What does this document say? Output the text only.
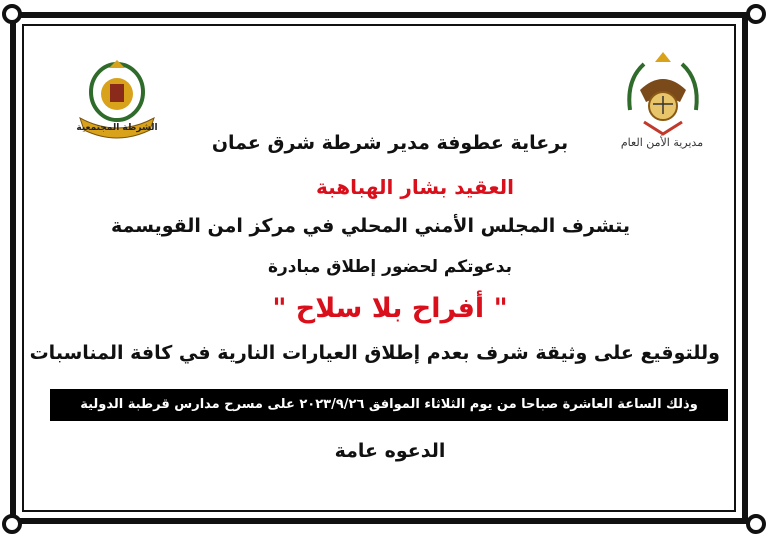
الشرطة المجتمعية
مديرية الأمن العام
برعاية عطوفة مدير شرطة شرق عمان
العقيد بشار الهباهبة
يتشرف المجلس الأمني المحلي في مركز امن القويسمة
بدعوتكم لحضور إطلاق مبادرة
" أفراح بلا سلاح "
وللتوقيع على وثيقة شرف بعدم إطلاق العيارات النارية في كافة المناسبات
وذلك الساعة العاشرة صباحا من يوم الثلاثاء الموافق ٢٠٢٣/٩/٢٦ على مسرح مدارس قرطبة الدولية
الدعوه عامة
